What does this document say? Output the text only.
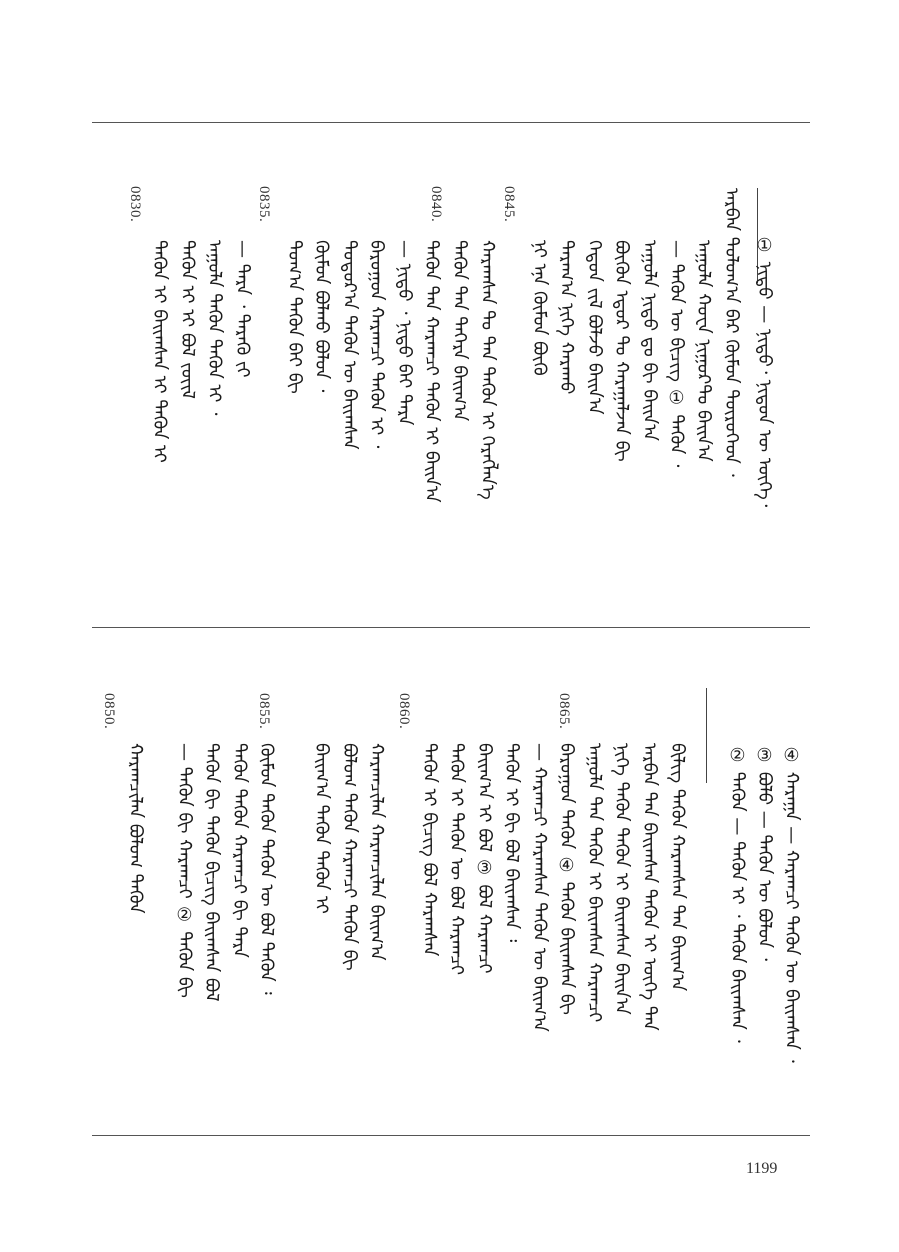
① ᠨᠢᠳᠣ — ᠨᠢᠳᠦ᠂ ᠨᠢᠳᠦᠨ ᠦ ᠦᠭᠡ᠂
ᠠᠷᠪᠠᠨ ᠳᠣᠯᠣᠭ᠎ᠠ ᠪᠡᠷ ᠬᠦᠮᠦᠨ ᠲᠥᠷᠦᠭᠡᠳ ᠂
ᠠᠭᠤᠯᠠ ᠬᠣᠸᠠ ᠨᠢᠭᠤᠷ᠎ᠲᠤ ᠪᠠᠢᠨ᠎ᠠ
— ᠲᠡᠭᠦᠨ ᠦ ᠪᠢᠴᠢᠭ ① ᠲᠡᠭᠦᠨ ᠂
ᠠᠭᠤᠯᠠ ᠨᠢᠳᠣ ᠳᠤ ᠪᠢ ᠪᠠᠢᠨ᠎ᠠ
ᠪᠦᠬᠦᠨ ᠡᠳᠦᠷ ᠲᠤ ᠬᠠᠷᠠᠭᠠᠯᠵᠠᠨ ᠪᠢ
ᠬᠡᠳᠦᠨ ᠵᠢᠯ ᠪᠣᠯᠵᠤ ᠪᠠᠢᠨ᠎ᠠ
ᠳᠠᠷᠠᠭ᠎ᠠ ᠨᠢᠭᠡ ᠬᠠᠷᠠᠬᠤ
ᠨᠢ ᠡᠨᠡ ᠬᠦᠮᠦᠨ ᠪᠦᠬᠦ
ᠬᠠᠷᠠᠭᠰᠠᠨ ᠲᠤ ᠲᠠᠨ ᠲᠡᠭᠦᠨ ᠢ ᠬᠡᠷᠡᠭᠯᠡᠨ᠎ᠡ
ᠲᠡᠭᠦᠨ ᠲᠠᠨ ᠳᠡᠭᠡᠷᠡ ᠪᠠᠢᠭ᠎ᠠ
ᠲᠡᠭᠦᠨ ᠲᠠᠨ ᠬᠠᠷᠠᠭᠴᠢ ᠲᠡᠭᠦᠨ ᠢ ᠪᠠᠢᠨ᠎ᠠ
— ᠨᠢᠳᠣ ᠂ ᠨᠢᠳᠣ ᠪᠠᠢ ᠲᠡᠷᠡ
ᠪᠠᠷᠤᠭᠤᠨ ᠬᠠᠷᠠᠭᠴᠢ ᠲᠡᠭᠦᠨ ᠢ ᠂
ᠳᠣᠲᠣᠷ᠎ᠠ ᠲᠡᠭᠦᠨ ᠦ ᠪᠠᠢᠭᠰᠠᠨ
ᠬᠦᠮᠦᠨ ᠪᠣᠯᠬᠤ ᠪᠣᠯᠣᠨ ᠂
ᠲᠣᠭ᠎ᠠ ᠲᠡᠭᠦᠨ ᠪᠠᠢ ᠪᠢ
— ᠲᠡᠷᠡ ᠂ ᠲᠡᠷᠡᠭᠦ ᠵᠢ
ᠠᠭᠤᠯᠠ ᠲᠡᠭᠦᠨ ᠲᠡᠭᠦᠨ ᠢ ᠂
ᠲᠡᠭᠦᠨ ᠢ ᠢ ᠪᠣᠯ ᠵᠦᠢᠯ
ᠲᠡᠭᠦᠨ ᠢ ᠪᠠᠢᠭᠰᠠᠨ ᠢ ᠲᠡᠭᠦᠨ ᠢ
0845.
0840.
0835.
0830.
④ ᠬᠠᠷᠠᠭᠠ — ᠬᠠᠷᠠᠭᠴᠢ ᠲᠡᠭᠦᠨ ᠦ ᠪᠠᠢᠭᠰᠠᠨ ᠂
③ ᠪᠣᠯᠤ — ᠲᠡᠭᠦᠨ ᠦ ᠪᠣᠯᠣᠨ ᠂
② ᠲᠡᠭᠦᠨ — ᠲᠡᠭᠦᠨ ᠢ ᠂ ᠲᠡᠭᠦᠨ ᠪᠠᠢᠭᠰᠠᠨ ᠂
ᠪᠢᠯᠢᠭ ᠲᠡᠭᠦᠨ ᠬᠠᠷᠠᠭᠰᠠᠨ ᠲᠠᠨ ᠪᠠᠢᠭ᠎ᠠ
ᠠᠷᠪᠠᠨ ᠲᠠᠨ ᠪᠠᠢᠭᠰᠠᠨ ᠲᠡᠭᠦᠨ ᠢ ᠦᠭᠡ ᠲᠠᠨ
ᠨᠢᠭᠡ ᠲᠡᠭᠦᠨ ᠲᠡᠭᠦᠨ ᠢ ᠪᠠᠢᠭᠰᠠᠨ ᠪᠠᠢᠨ᠎ᠠ
ᠠᠭᠤᠯᠠ ᠲᠠᠨ ᠲᠡᠭᠦᠨ ᠢ ᠪᠠᠢᠭᠰᠠᠨ ᠬᠠᠷᠠᠭᠴᠢ
ᠪᠠᠷᠤᠭᠤᠨ ᠲᠡᠭᠦᠨ ④ ᠲᠡᠭᠦᠨ ᠪᠠᠢᠭᠰᠠᠨ ᠪᠢ
— ᠬᠠᠷᠠᠭᠴᠢ ᠬᠠᠷᠠᠭᠰᠠᠨ ᠲᠡᠭᠦᠨ ᠦ ᠪᠠᠢᠭ᠎ᠠ
ᠲᠡᠭᠦᠨ ᠢ ᠪᠢ ᠪᠣᠯ ᠪᠠᠢᠭᠰᠠᠨ ᠄
ᠪᠠᠢᠭ᠎ᠠ ᠢ ᠪᠣᠯ ③ ᠪᠣᠯ ᠬᠠᠷᠠᠭᠴᠢ
ᠲᠡᠭᠦᠨ ᠢ ᠲᠡᠭᠦᠨ ᠦ ᠪᠣᠯ ᠬᠠᠷᠠᠭᠴᠢ
ᠲᠡᠭᠦᠨ ᠢ ᠪᠢᠴᠢᠭ ᠪᠣᠯ ᠬᠠᠷᠠᠭᠰᠠᠨ
ᠬᠠᠷᠠᠭᠴᠢᠯᠠᠨ ᠬᠠᠷᠠᠭᠴᠢᠯᠠᠨ ᠪᠠᠢᠭ᠎ᠠ
ᠪᠣᠯᠤᠭ ᠲᠡᠭᠦᠨ ᠬᠠᠷᠠᠭᠴᠢ ᠲᠡᠭᠦᠨ ᠪᠢ
ᠪᠠᠢᠭ᠎ᠠ ᠲᠡᠭᠦᠨ ᠲᠡᠭᠦᠨ ᠢ
ᠬᠦᠮᠦᠨ ᠲᠡᠭᠦᠨ ᠲᠡᠭᠦᠨ ᠦ ᠪᠣᠯ ᠲᠡᠭᠦᠨ ᠄
ᠲᠡᠭᠦᠨ ᠲᠡᠭᠦᠨ ᠬᠠᠷᠠᠭᠴᠢ ᠪᠢ ᠲᠡᠷᠡ
ᠲᠡᠭᠦᠨ ᠪᠢ ᠲᠡᠭᠦᠨ ᠪᠢᠴᠢᠭ ᠪᠠᠢᠭᠰᠠᠨ ᠪᠣᠯ
— ᠲᠡᠭᠦᠨ ᠪᠢ ᠬᠠᠷᠠᠭᠴᠢ ② ᠲᠡᠭᠦᠨ ᠪᠢ
ᠬᠠᠷᠠᠭᠴᠢᠯᠠᠨ ᠪᠣᠯᠤᠭ ᠲᠡᠭᠦᠨ
0865.
0860.
0855.
0850.
1199
